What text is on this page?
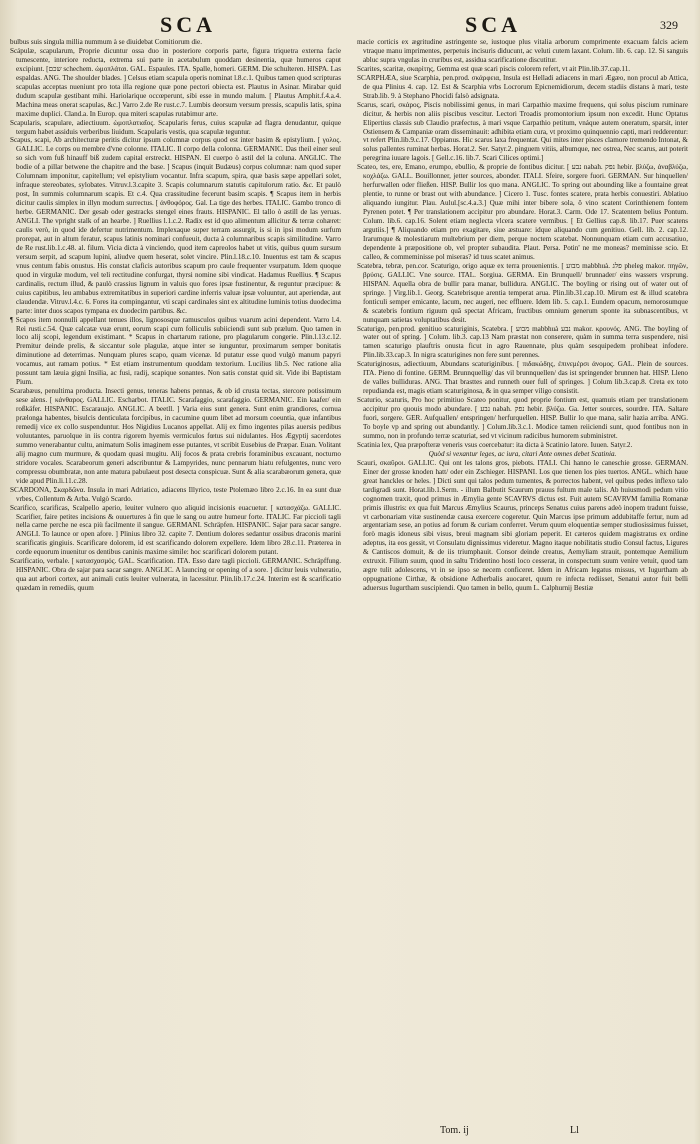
SCA	SCA	329

bulbus suis singula millia nummum à se diuidebat Comitiorum die.

Scápulæ, scapularum, Proprie dicuntur ossa duo in posteriore corporis parte, figura triquetra externa facie tumescente, interiore reducta, extrema sui parte in acetabulum quoddam desinentia, quæ humeros caput excipiunt. [שכם schechem. ὠμοπλάται. GAL. Espaules. ITA. Spalle, homeri. GERM. Die schulteren. HISPA. Las espaldas. ANG. The shoulder blades. ] Celsus etiam scapula operis nominat l.8.c.1. Quibus tamen quod scripturas scapulas acceptas nueniunt pro tota illa regione quæ pone pectori obiecta est. Plautus in Asinar. Mirabar quid dudum scapulæ gestibant mihi. Hariolarique occœperunt, sibi esse in mundo malum. [ Plautus Amphit.f.4.a.4. Machina meas onerat scapulas, &c.] Varro 2.de Re rust.c.7. Lumbis deorsum versum pressis, scapulis latis, spina maxime duplici. Cland.a. In Europ. qua miteri scapulas rutabimur arte.

Scapularis, scapulare, adiectiuum. ὠμοπλατιαῖος. Scapularis ferus, cuius scapulæ ad flagra denudantur, quique tergum habet assiduis verberibus liuidum. Scapularis vestis, qua scapulæ teguntur.

Scapus, scapi, Ab architecturæ peritis dicitur ipsum columnæ corpus quod est inter basim & epistylium. [ γολος. GALLIC. Le corps ou membre d'vne colonne. ITALIC. Il corpo della colonna. GERMANIC. Das theil einer seul so sich vom fuß hinauff biß zudem capital erstreckt. HISPAN. El cuerpo ò astil del la coluna. ANGLIC. The bodie of a pillar betwene the chapitre and the base. ] Scapus (inquit Budæus) corpus columnæ: nam quod super Columnam imponitur, capitellum; vel epistylium vocantur. Infra scapum, spira, quæ basis sæpe appellari solet, infraque stereobates, sylobates. Vitruv.l.3.capite 3. Scapis columnarum statutis capitulorum ratio. &c. Et paulò post, In summis columnarum scapis. Et c.4. Qua crassitudine fecerunt basim scapis. ¶ Scapus item in herbis dicitur caulis simplex in illyn modum surrectus. [ ἀνθοφόρος. Gal. La tige des herbes. ITALIC. Gambo tronco di herbe. GERMANIC. Der gesab oder gestracks stengel eines frauts. HISPANIC. El tallo ò astill de las yeruas. ANGLI. The vpright stalk of an hearbe. ] Ruellius l.1.c.2. Radix est id quo alimentum allicitur & terræ cohæret: caulis verò, in quod ide defertur nutrimentum. Implexaque super terram assurgit, is si in ipsi modum surfum prorepat, aut in altum feratur, scapus latinis nominari confueuit, ducta à columnaribus scapis similitudine. Varro de Re rust.lib.1.c.48. al. filum. Vicia dicta à vinciendo, quod item capreolos habet ut vitis, quibus quum sursum versum serpit, ad scapum lupini, aliudve quem heserat, solet vincire. Plin.l.18.c.10. Inuentus est tam & scapus vnus centum fabis onustus. His constat claficis autoribus scapum pro caule frequenter vsurpatum. Idem quoque quod in virgulæ modum, vel teli rectitudine confurgat, thyrsi nomine sibi vindicat. Hadamus Ruellius. ¶ Scapus cardinalis, rectum illud, & paulò crassius lignum in valuis quo fores ipsæ fustinentur, & reguntur præcipue: & cuius capitibus, leu ambabus extremitatibus in superiori cardine inferris valuæ ipsæ voluuntur, aut aperiendæ, aut claudendæ. Vitruv.l.4.c. 6. Fores ita compingantur, vti scapi cardinales sint ex altitudine luminis totius duodecima parte: inter duos scapos tympana ex duodecim partibus. &c.

¶ Scapos item nonnulli appellant tenues illos, lignososque ramusculos quibus vuarum acini dependent. Varro l.4. Rei rusti.c.54. Quæ calcatæ vuæ erunt, eorum scapi cum folliculis subiiciendi sunt sub prælum. Quo tamen in loco alij scopi, legendum existimant. * Scapus in chartarum ratione, pro plagularum congerie. Plin.l.13.c.12. Premitur deinde prelis, & siccantur sole plagulæ, atque inter se iunguntur, proximarum semper bonitatis diminutione ad deterrimas. Nunquam plures scapo, quam vicenæ. Id putatur esse quod vulgò manum papyri vocamus, aut ramam potius. * Est etiam instrumentum quoddam textorium. Lucilius lib.5. Nec ratione alia possunt tam læuia gigni Insilia, ac fusi, radij, scapique sonantes. Non satis constat quid sit. Vide ibi Baptistam Pium.

Scarabæus, penultima producta. Insecti genus, teneras habens pennas, & ob id crusta tectas, stercore potissimum sese alens. [ κάνθαρος. GALLIC. Escharbot. ITALIC. Scarafaggio, scarafaggio. GERMANIC. Ein kaafer/ ein roßkäfer. HISPANIC. Escarauajo. ANGLIC. A beetll. ] Varia eius sunt genera. Sunt enim grandiores, cornua prælonga habentes, bisulcis denticulata forcipibus, in cacumine quum libet ad morsum coeuntia, quæ infantibus remedij vice ex collo suspenduntur. Hos Nigidius Lucanos appellat. Alij ex fimo ingentes pilas auersis pedibus voluutantes, paruolque in iis contra rigorem hyemis vermiculos fœtus sui nidulantes. Hos Ægyptij sacerdotes summo venerabantur cultu, animatum Solis imaginem esse putantes, vt scribit Eusebius de Præpar. Euan. Volitant alij magno cum murmure, & quodam quasi mugitu. Alij focos & prata crebris foraminibus excauant, nocturno stridore vocales. Scarabeorum generi adscribuntur & Lampyrides, nunc pennarum hiatu refulgentes, nunc vero compressu obumbratæ, non ante matura pabulaeut post desecta conspicuæ. Sunt & alia scarabæorum genera, quæ vide apud Plin.li.11.c.28.

SCARDONA, Σκαρδῶνα. Insula in mari Adriatico, adiacens Illyrico, teste Ptolemæo libro 2.c.16. In ea sunt duæ vrbes, Collentum & Arba. Vulgò Scardo.

Scarifico, scarificas, Scalpello aperio, leuiter vulnero quo aliquid incisionis euacuetur. [ κατασχάζω. GALLIC. Scarifier, faire petites incisions & ouuertures à fin que le sang ou autre humeur forte. ITALIC. Far piccioli tagli nella carne perche ne esca più facilmente il sangue. GERMANI. Schräpfen. HISPANIC. Sajar para sacar sangre. ANGLI. To launce or open afore. ] Plinius libro 32. capite 7. Dentium dolores sedantur ossibus draconis marini scarificatis gingiuis. Scarificare dolorem, id est scarificando dolorem expellere. Idem libro 28.c.11. Præterea in corde equorum inuenitur os dentibus caninis maxime simile: hoc scarificari dolorem putant.

Scarificatio, verbale. [ κατασχασμός. GAL. Scarification. ITA. Esso dare tagli piccioli. GERMANIC. Schräpffung. HISPANIC. Obra de sajar para sacar sangre. ANGLIC. A launcing or opening of a sore. ] dicitur leuis vulneratio, qua aut arbori cortex, aut animali cutis leuiter vulnerata, in lacessitur. Plin.lib.17.c.24. Interim est & scarificatio quædam in remediis, quum

macie corticis ex ægritudine astringente se, iustoque plus vitalia arborum comprimente exacuam falcis aciem vtraque manu imprimentes, perpetuis incisuris diducunt, ac veluti cutem laxant. Colum. lib. 6. cap. 12. Si sanguis abluc supra vngulas in cruribus est, assidua scarificatione discutitur.

Scarites, scaritæ, σκαρίτης, Gemma est quæ scari piscis colorem refert, vt ait Plin.lib.37.cap.11.

SCARPHÆA, siue Scarphia, pen.prod. σκάρφεια, Insula est Helladi adiacens in mari Ægæo, non procul ab Attica, de qua Plinius 4. cap. 12. Est & Scarphia vrbs Locrorum Epicnemidiorum, decem stadiis distans à mari, teste Strab.lib. 9. à Stephano Phocidi falsò adsignata.

Scarus, scari, σκάρος, Piscis nobilissimi genus, in mari Carpathio maxime frequens, qui solus piscium ruminare dicitur, & herbis non aliis piscibus vescitur. Lectori Troadis promontorium ipsum non excedit. Hunc Optatus Elipertius classis sub Claudio præfectus, à mari vsque Carpathio petitum, vnáque autem oneratum, sparsit, inter Ostiensem & Campaniæ oram disseminauit: adhibita etiam cura, vt proximo quinquennio capti, mari redderentur: vt refert Plin.lib.9.c.17. Oppianus. Hic scarus laxa frequentat. Qui mites inter pisces clamore tremendo Intonat, & solus pallentes ruminat herbas. Horat.2. Ser. Satyr.2. pinguem vitiis, albumque, nec ostrea, Nec scarus, aut poterit peregrina iuuare lagois. [ Gell.c.16. lib.7. Scari Cilices optimi.]

Scateo, tes, ere, Emano, erumpo, ebullio, & proprie de fontibus dicitur. [ נבע nabah. נפק hebir. βλύζω, ἀναβλύζω, κοχλάζω. GALL. Bouillonner, jetter sources, abonder. ITALI. Sfeire, sorgere fuori. GERMAN. Sur hinquellen/ herfurwallen oder fließen. HISP. Bullir los quo mana. ANGLIC. To spring out abounding like a fountaine great plentie, to runne or brast out with abundance. ] Cicero 1. Tusc. fontes scatere, prata herbis conuestiri. Ablatiuo aliquando iungitur. Plau. Aulul.[sc.4.a.3.] Quæ mihi inter bibere sola, ô vino scatent Corinthienem fontem Pyrenen potet. ¶ Per translationem accipitur pro abundare. Horat.3. Carm. Ode 17. Scatentem belius Pontum. Colum. lib.6. cap.16. Solent etiam neglecta vlcera scatere vermibus. [ Et Gellius cap.8. lib.17. Puer scatens argutiis.] ¶ Aliquando etiam pro exagitare, siue æstuare: idque aliquando cum genitiuo. Gell. lib. 2. cap.12. Irarumque & molestiarum multebrium per diem, perque noctem scatebat. Nonnunquam etiam cum accusatiuo, dependente à præpositione ob, vel propter subaudita. Plaut. Persa. Potin' ne me moneas? meminisse scio. Et calleo, & commeminisse pol miseras? id tuus scatet animus.

Scatebra, tebræ, pen.cor. Scaturigo, origo aquæ ex terra prouenientis. [ מבוע mabbhuà. פלג pheleg makor. πηγῶν, βρύσις. GALLIC. Vne source. ITAL. Sorgiua. GERMA. Ein Brunquell/ brunnader/ eins wassers vrsprung. HISPAN. Aquella obra de bullir para manar, bullidura. ANGLIC. The boyling or rising out of water out of springe. ] Virg.lib.1. Georg. Scatebrisque arentia temperat arua. Plin.lib.31.cap.10. Mirum est & illud scatebra fonticuli semper emicante, lacum, nec augeri, nec effluere. Idem lib. 5. cap.1. Eundem opacum, nemorosumque & scatebris fontium riguum quâ spectat Africam, fructibus omnium generum sponte ita subnascentibus, vt nunquam satietas voluptatibus desit.

Scaturigo, pen.prod. genitiuo scaturiginis, Scatebra. [ מבוע mabbhuà נבע makor. κρουνός. ANG. The boyling of water out of spring. ] Colum. lib.3. cap.13 Nam præstat non conserere, quàm in summa terra suspendere, nisi tamen scaturigo plauftris onusta ficut in agro Rauennate, plus quàm sesquipedem prohibeat infodere. Plin.lib.33.cap.3. In nigra scaturigines non fere sunt perennes.

Scaturiginosus, adiectiuum, Abundans scaturiginibus. [ πιδακώδης, ἐπινεμέρσι ἀνομος. GAL. Plein de sources. ITA. Pieno di fontine. GERM. Brunnquellig/ das vil brunnquellen/ das ist springender brunnen hat. HISP. Lleno de valles bulliduras. ANG. That brasttes and runneth ouer full of springes. ] Colum lib.3.cap.8. Creta ex toto repudianda est, magis etiam scaturiginosa, & in qua semper viligo consistit.

Scaturio, scaturis, Pro hoc primitiuo Scateo ponitur, quod proprie fontium est, quamuis etiam per translationem accipitur pro quouis modo abundare. [ נבע nabah. נפק hebir. βλύζω. Ga. Jetter sources, sourdre. ITA. Saltare fuori, sorgere. GER. Aufquallen/ entspringen/ herfurquellen. HISP. Bullir lo que mana, salir hazia arriba. ANG. To boyle vp and spring out abundantly. ] Colum.lib.3.c.1. Modice tamen reiiciendi sunt, quod fontibus non in summo, non in profundo terræ scaturiat, sed vt vicinum radicibus humorem subministret.

Scatinia lex, Qua præpofteræ veneris vsus coercebatur: ita dicta à Scatinio latore. Iuuen. Satyr.2.

Quòd si vexantur leges, ac iura, citari Ante omnes debet Scatinia.

Scauri, σκαῦροι. GALLIC. Qui ont les talons gros, piebots. ITALI. Chi hanno le caneschie grosse. GERMAN. Einer der grosse knoden hatt/ oder ein Zschieger. HISPANI. Los que tienen los pies tuertos. ANGL. which haue great hanckles or heles. ] Dicti sunt qui talos pedum tumentes, & porrectos habent, vel quibus pedes inflexo talo tardigradi sunt. Horat.lib.1.Serm. - illum Balbutit Scaurum prauus fultum male talis. Ab huiusmodi pedum vitio cognomen traxit, quod primus in Æmylia gente SCAVRVS dictus est. Fuit autem SCAVRVM familia Romanæ primis illustris: ex qua fuit Marcus Æmylius Scaurus, princeps Senatus cuius parens adeò inopem tradunt fuisse, vt carbonariam vitæ sustinendæ causa exercere cogeretur. Quin Marcus ipse primum addubitaffe fertur, num ad argentariam sese, an potius ad forum & curiam conferret. Verum quum eloquentiæ semper studiosissimus fuisset, forò magis idoneus sibi visus, breui magnam sibi gloriam peperit. Et cæteros quidem magistratus ex ordine adeptus, ita eos gessit, vt Consulatu dignissimus videretur. Magno itaque nobilitatis studio Consul factus, Ligures & Cantiscos domuit, & de iis triumphauit. Consor deinde creatus, Aemyliam strauit, pontemque Aemilium extruxit. Filium suum, quod in saltu Tridentino hosti loco cesserat, in conspectum suum venire vetuit, quod tam ægre tulit adolescens, vt in se ipso se necem conficeret. Idem in Africam legatus missus, vt Iugurtham ab oppugnatione Cirthæ, & obsidione Adherbalis auocaret, quum re infecta rediisset, Senatui autor fuit belli aduersus Iugurtham suscipiendi. Quo tamen in bello, quum L. Calphurnij Bestiæ

Tom. ij	Ll
